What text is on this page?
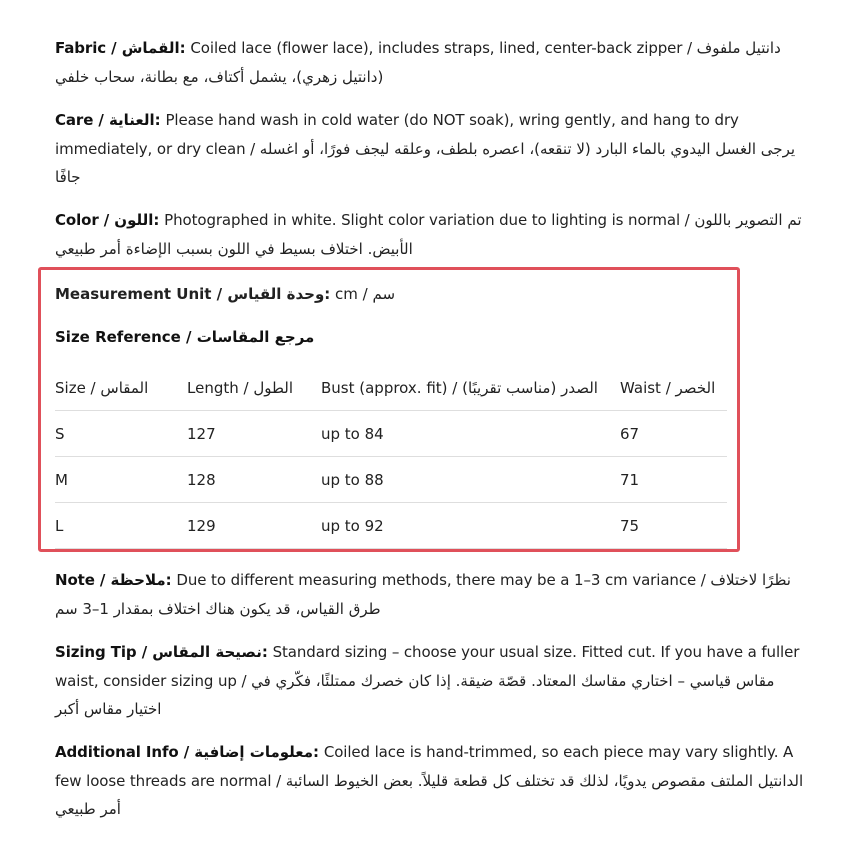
Fabric / القماش: Coiled lace (flower lace), includes straps, lined, center-back zipper / دانتيل ملفوف (دانتيل زهري)، يشمل أكتاف، مع بطانة، سحاب خلفي
Care / العناية: Please hand wash in cold water (do NOT soak), wring gently, and hang to dry immediately, or dry clean / يرجى الغسل اليدوي بالماء البارد (لا تنقعه)، اعصره بلطف، وعلقه ليجف فورًا، أو اغسله جافًا
Color / اللون: Photographed in white. Slight color variation due to lighting is normal / تم التصوير باللون الأبيض. اختلاف بسيط في اللون بسبب الإضاءة أمر طبيعي
Measurement Unit / وحدة القياس: cm / سم
Size Reference / مرجع المقاسات
Size / المقاس	Length / الطول	Bust (approx. fit) / الصدر (مناسب تقريبًا)	Waist / الخصر
S	127	up to 84	67
M	128	up to 88	71
L	129	up to 92	75
Note / ملاحظة: Due to different measuring methods, there may be a 1–3 cm variance / نظرًا لاختلاف طرق القياس، قد يكون هناك اختلاف بمقدار 1–3 سم
Sizing Tip / نصيحة المقاس: Standard sizing – choose your usual size. Fitted cut. If you have a fuller waist, consider sizing up / مقاس قياسي – اختاري مقاسك المعتاد. قصّة ضيقة. إذا كان خصرك ممتلئًا، فكّري في اختيار مقاس أكبر
Additional Info / معلومات إضافية: Coiled lace is hand-trimmed, so each piece may vary slightly. A few loose threads are normal / الدانتيل الملتف مقصوص يدويًا، لذلك قد تختلف كل قطعة قليلاً. بعض الخيوط السائبة أمر طبيعي
